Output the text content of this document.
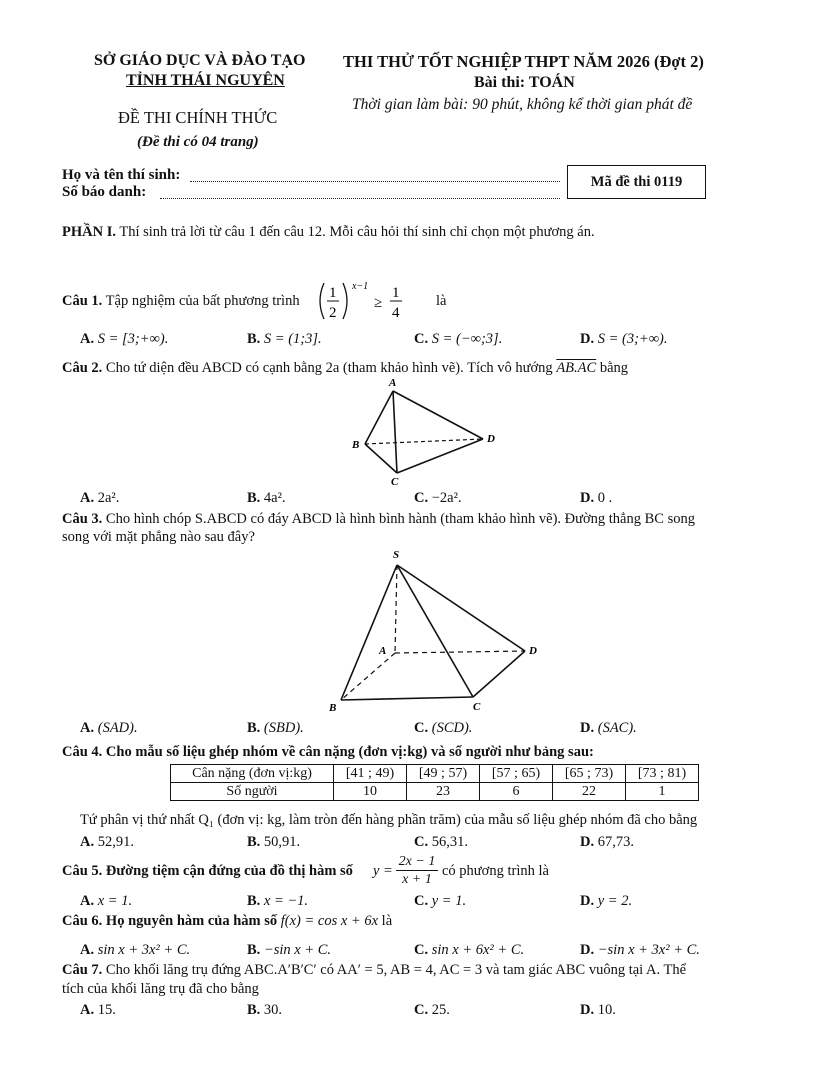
SỞ GIÁO DỤC VÀ ĐÀO TẠO
TỈNH THÁI NGUYÊN
ĐỀ THI CHÍNH THỨC
(Đề thi có 04 trang)
THI THỬ TỐT NGHIỆP THPT NĂM 2026 (Đợt 2)
Bài thi: TOÁN
Thời gian làm bài: 90 phút, không kể thời gian phát đề
Họ và tên thí sinh:
Số báo danh:
Mã đề thi 0119
PHẦN I. Thí sinh trả lời từ câu 1 đến câu 12. Mỗi câu hỏi thí sinh chỉ chọn một phương án.
Câu 1. Tập nghiệm của bất phương trình 1
2
x−1
≥
1
4
là
A. S = [3;+∞).	B. S = (1;3].	C. S = (−∞;3].	D. S = (3;+∞).
Câu 2. Cho tứ diện đều ABCD có cạnh bằng 2a (tham khảo hình vẽ). Tích vô hướng AB.AC bằng
A
B
C
D
A. 2a².	B. 4a².	C. −2a².	D. 0 .
Câu 3. Cho hình chóp S.ABCD có đáy ABCD là hình bình hành (tham khảo hình vẽ). Đường thẳng BC song
song với mặt phẳng nào sau đây?
S
A
B	C
D
A. (SAD).	B. (SBD).	C. (SCD).	D. (SAC).
Câu 4. Cho mẫu số liệu ghép nhóm về cân nặng (đơn vị:kg) và số người như bảng sau:
Cân nặng (đơn vị:kg)	[41 ; 49)	[49 ; 57)	[57 ; 65)	[65 ; 73)	[73 ; 81)
Số người	10	23	6	22	1
Tứ phân vị thứ nhất Q₁ (đơn vị: kg, làm tròn đến hàng phần trăm) của mẫu số liệu ghép nhóm đã cho bằng
A. 52,91.	B. 50,91.	C. 56,31.	D. 67,73.
Câu 5. Đường tiệm cận đứng của đồ thị hàm số $y = \frac{2x - 1}{x + 1}$ có phương trình là
A. x = 1.	B. x = −1.	C. y = 1.	D. y = 2.
Câu 6. Họ nguyên hàm của hàm số f(x) = cos x + 6x là
A. sin x + 3x² + C.	B. −sin x + C.	C. sin x + 6x² + C.	D. −sin x + 3x² + C.
Câu 7. Cho khối lăng trụ đứng ABC.A′B′C′ có AA′ = 5, AB = 4, AC = 3 và tam giác ABC vuông tại A. Thể
tích của khối lăng trụ đã cho bằng
A. 15.	B. 30.	C. 25.	D. 10.
